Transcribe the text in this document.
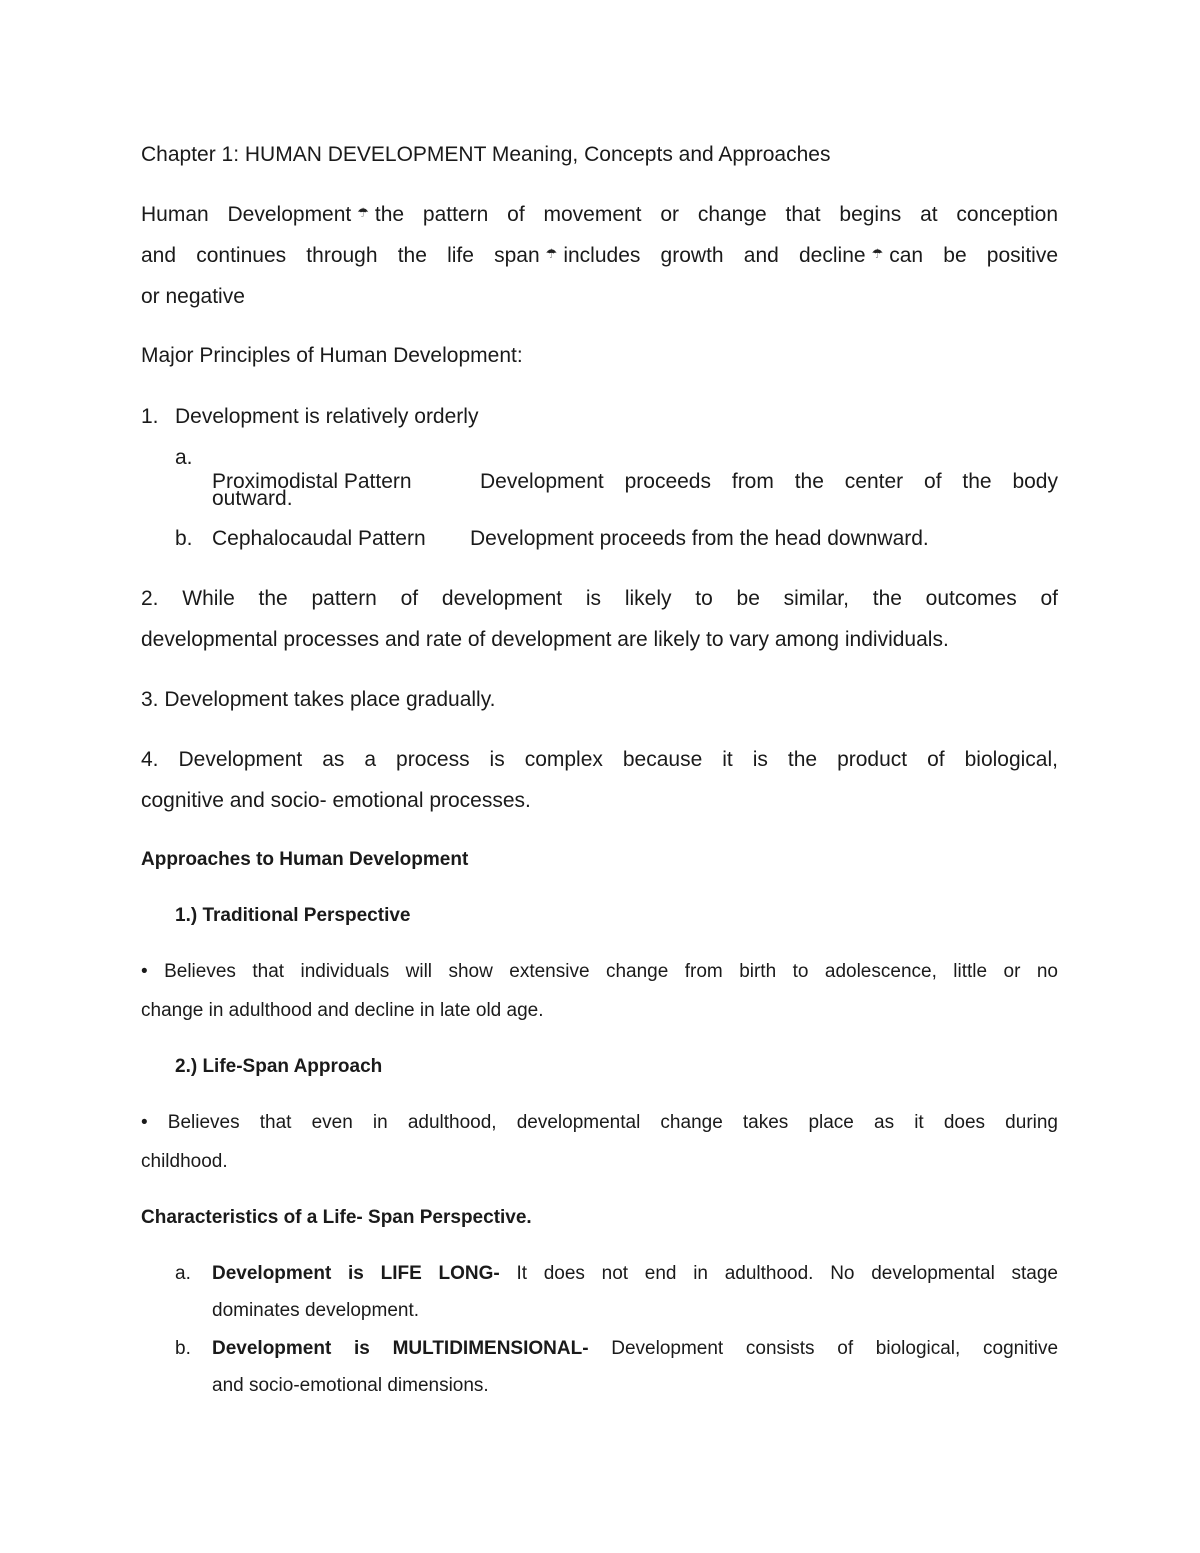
Chapter 1: HUMAN DEVELOPMENT Meaning, Concepts and Approaches
Human Development ☂ the pattern of movement or change that begins at conception
and continues through the life span ☂ includes growth and decline ☂ can be positive
or negative
Major Principles of Human Development:
1. Development is relatively orderly
a.
Proximodistal Pattern	Development proceeds from the center of the body
outward.
b. Cephalocaudal Pattern Development proceeds from the head downward.
2. While the pattern of development is likely to be similar, the outcomes of
developmental processes and rate of development are likely to vary among individuals.
3. Development takes place gradually.
4. Development as a process is complex because it is the product of biological,
cognitive and socio- emotional processes.
Approaches to Human Development
1.) Traditional Perspective
• Believes that individuals will show extensive change from birth to adolescence, little or no
change in adulthood and decline in late old age.
2.) Life-Span Approach
• Believes that even in adulthood, developmental change takes place as it does during
childhood.
Characteristics of a Life- Span Perspective.
a. Development is LIFE LONG- It does not end in adulthood. No developmental stage
dominates development.
b. Development is MULTIDIMENSIONAL- Development consists of biological, cognitive
and socio-emotional dimensions.
